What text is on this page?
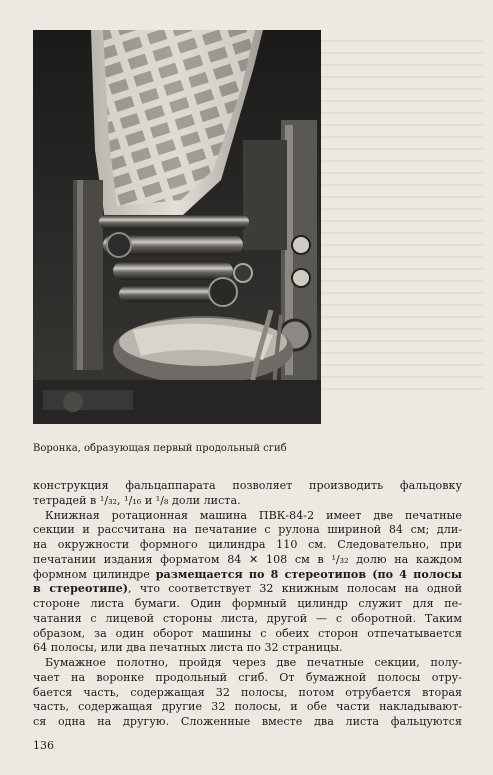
Воронка, образующая первый продольный сгиб
конструкция фальцаппарата позволяет производить фальцовку
тетрадей в ¹/₃₂, ¹/₁₆ и ¹/₈ доли листа.
Книжная ротационная машина ПВК-84-2 имеет две печатные
секции и рассчитана на печатание с рулона шириной 84 см; дли-
на окружности формного цилиндра 110 см. Следовательно, при
печатании издания форматом 84 ✕ 108 см в ¹/₃₂ долю на каждом
формном цилиндре размещается по 8 стереотипов (по 4 полосы
в стереотипе), что соответствует 32 книжным полосам на одной
стороне листа бумаги. Один формный цилиндр служит для пе-
чатания с лицевой стороны листа, другой — с оборотной. Таким
образом, за один оборот машины с обеих сторон отпечатывается
64 полосы, или два печатных листа по 32 страницы.
Бумажное полотно, пройдя через две печатные секции, полу-
чает на воронке продольный сгиб. От бумажной полосы отру-
бается часть, содержащая 32 полосы, потом отрубается вторая
часть, содержащая другие 32 полосы, и обе части накладывают-
ся одна на другую. Сложенные вместе два листа фальцуются
136
